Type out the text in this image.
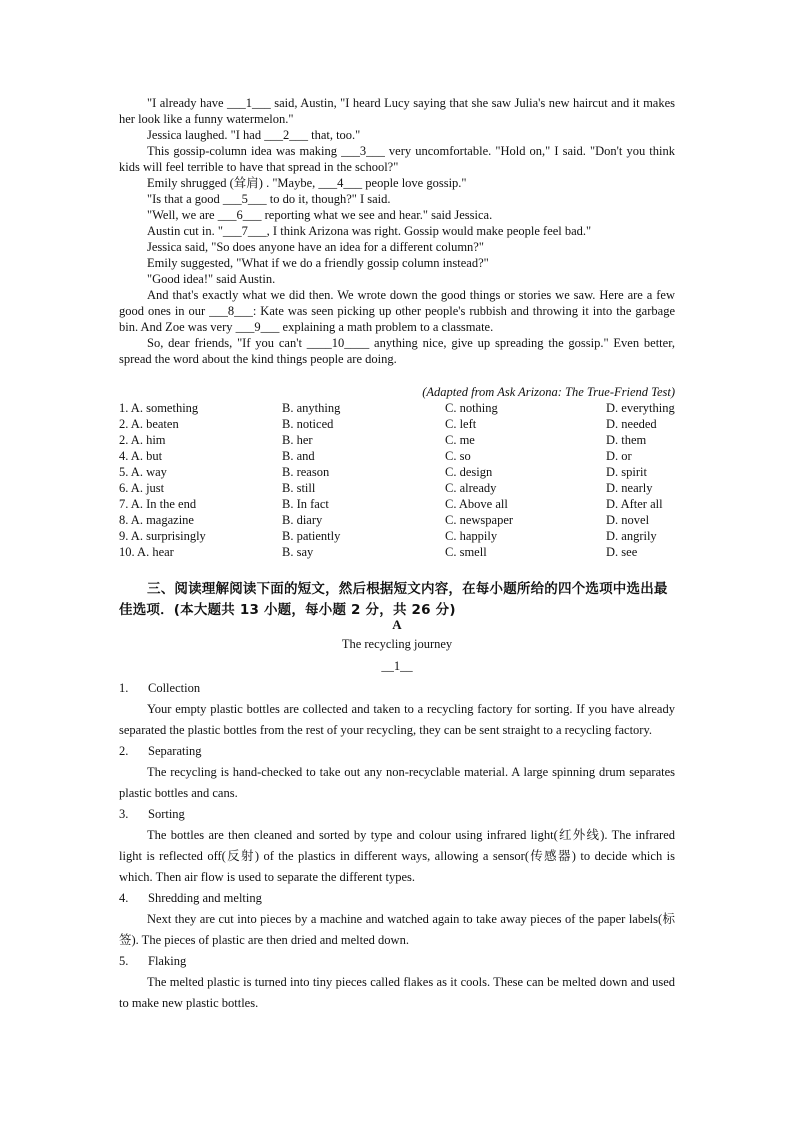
"I already have ___1___ said, Austin, "I heard Lucy saying that she saw Julia's new haircut and it makes her look like a funny watermelon."

Jessica laughed. "I had ___2___ that, too."

This gossip-column idea was making ___3___ very uncomfortable. "Hold on," I said. "Don't you think kids will feel terrible to have that spread in the school?"

Emily shrugged (耸肩) . "Maybe, ___4___ people love gossip."

"Is that a good ___5___ to do it, though?" I said.

"Well, we are ___6___ reporting what we see and hear." said Jessica.

Austin cut in. "___7___, I think Arizona was right. Gossip would make people feel bad."

Jessica said, "So does anyone have an idea for a different column?"

Emily suggested, "What if we do a friendly gossip column instead?"

"Good idea!" said Austin.

And that's exactly what we did then. We wrote down the good things or stories we saw. Here are a few good ones in our ___8___: Kate was seen picking up other people's rubbish and throwing it into the garbage bin. And Zoe was very ___9___ explaining a math problem to a classmate.

So, dear friends, "If you can't ____10____ anything nice, give up spreading the gossip." Even better, spread the word about the kind things people are doing.

(Adapted from Ask Arizona: The True-Friend Test)
1. A. something	B. anything	C. nothing	D. everything
2. A. beaten	B. noticed	C. left	D. needed
2. A. him	B. her	C. me	D. them
4. A. but	B. and	C. so	D. or
5. A. way	B. reason	C. design	D. spirit
6. A. just	B. still	C. already	D. nearly
7. A. In the end	B. In fact	C. Above all	D. After all
8. A. magazine	B. diary	C. newspaper	D. novel
9. A. surprisingly	B. patiently	C. happily	D. angrily
10. A. hear	B. say	C. smell	D. see
三、阅读理解阅读下面的短文，然后根据短文内容，在每小题所给的四个选项中选出最佳选项．(本大题共 13 小题，每小题 2 分，共 26 分)
A
The recycling journey
__1__
1.	Collection

Your empty plastic bottles are collected and taken to a recycling factory for sorting. If you have already separated the plastic bottles from the rest of your recycling, they can be sent straight to a recycling factory.

2.	Separating

The recycling is hand-checked to take out any non-recyclable material. A large spinning drum separates plastic bottles and cans.

3.	Sorting

The bottles are then cleaned and sorted by type and colour using infrared light(红外线). The infrared light is reflected off(反射) of the plastics in different ways, allowing a sensor(传感器) to decide which is which. Then air flow is used to separate the different types.

4.	Shredding and melting

Next they are cut into pieces by a machine and watched again to take away pieces of the paper labels(标签). The pieces of plastic are then dried and melted down.

5.	Flaking

The melted plastic is turned into tiny pieces called flakes as it cools. These can be melted down and used to make new plastic bottles.
